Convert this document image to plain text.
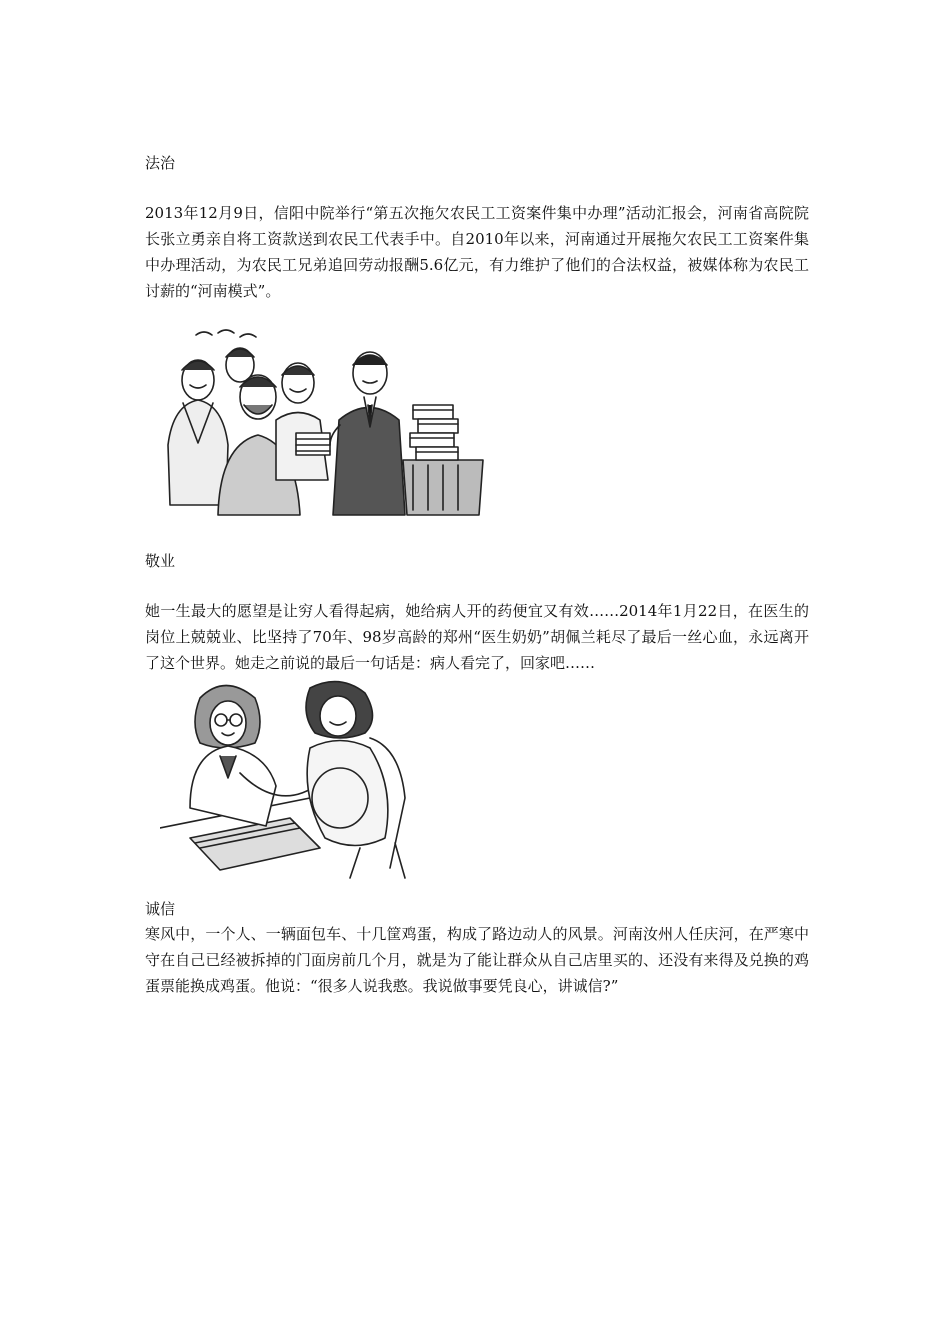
法治
2013年12月9日，信阳中院举行“第五次拖欠农民工工资案件集中办理”活动汇报会，河南省高院院长张立勇亲自将工资款送到农民工代表手中。自2010年以来，河南通过开展拖欠农民工工资案件集中办理活动，为农民工兄弟追回劳动报酬5.6亿元，有力维护了他们的合法权益，被媒体称为农民工讨薪的“河南模式”。
敬业
她一生最大的愿望是让穷人看得起病，她给病人开的药便宜又有效……2014年1月22日，在医生的岗位上兢兢业、比坚持了70年、98岁高龄的郑州“医生奶奶”胡佩兰耗尽了最后一丝心血，永远离开了这个世界。她走之前说的最后一句话是：病人看完了，回家吧……
诚信
寒风中，一个人、一辆面包车、十几筐鸡蛋，构成了路边动人的风景。河南汝州人任庆河，在严寒中守在自己已经被拆掉的门面房前几个月，就是为了能让群众从自己店里买的、还没有来得及兑换的鸡蛋票能换成鸡蛋。他说：“很多人说我憨。我说做事要凭良心，讲诚信?”
